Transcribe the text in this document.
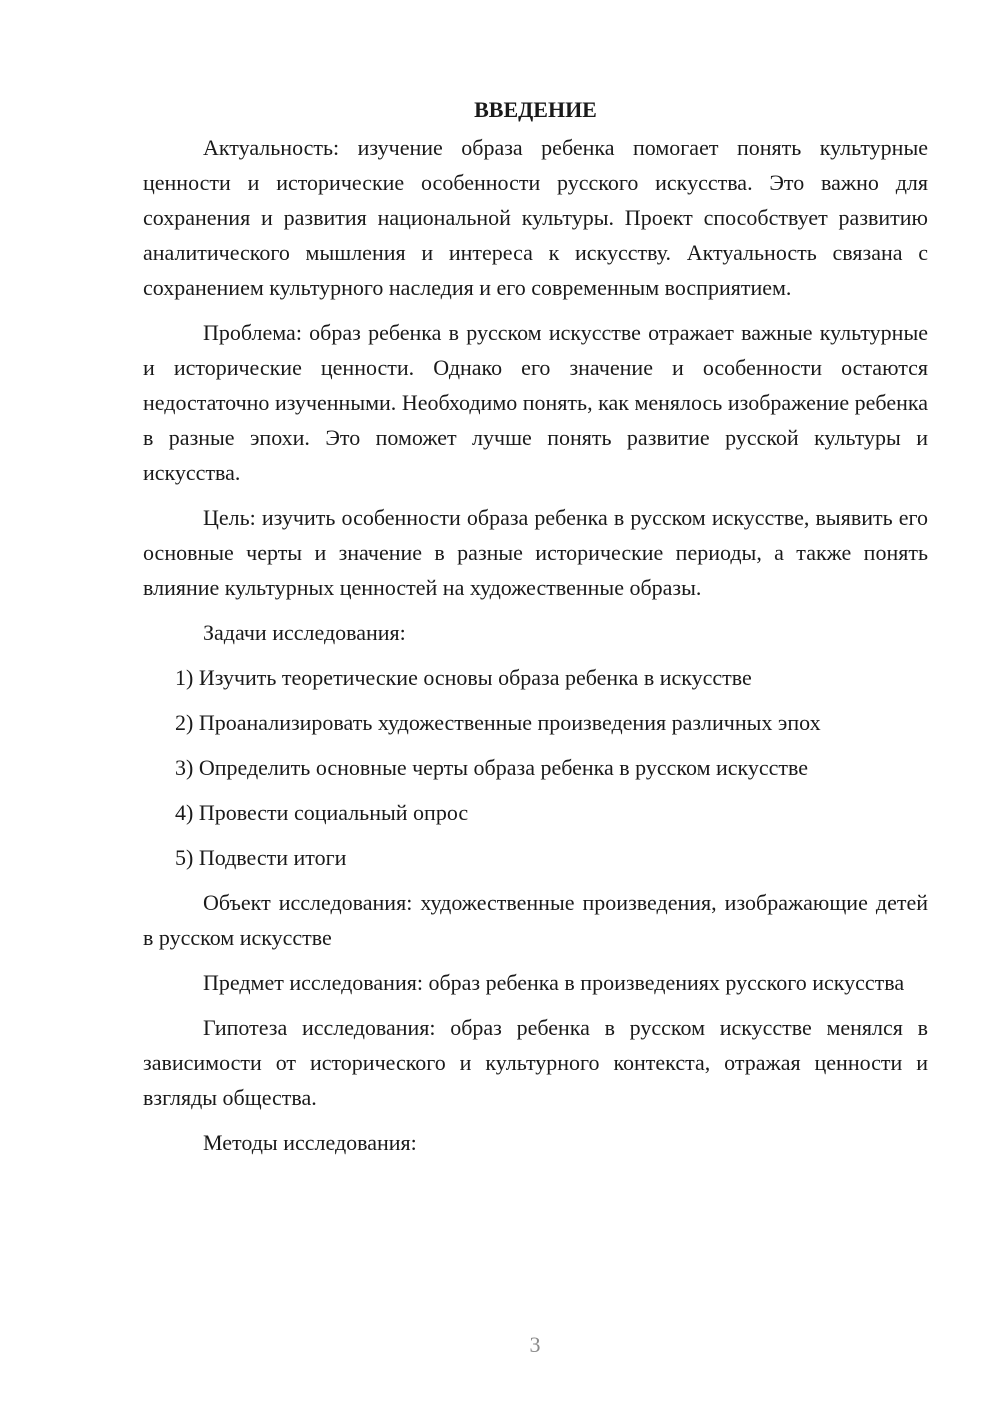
ВВЕДЕНИЕ

Актуальность: изучение образа ребенка помогает понять культурные ценности и исторические особенности русского искусства. Это важно для сохранения и развития национальной культуры. Проект способствует развитию аналитического мышления и интереса к искусству. Актуальность связана с сохранением культурного наследия и его современным восприятием.

Проблема: образ ребенка в русском искусстве отражает важные культурные и исторические ценности. Однако его значение и особенности остаются недостаточно изученными. Необходимо понять, как менялось изображение ребенка в разные эпохи. Это поможет лучше понять развитие русской культуры и искусства.

Цель: изучить особенности образа ребенка в русском искусстве, выявить его основные черты и значение в разные исторические периоды, а также понять влияние культурных ценностей на художественные образы.

Задачи исследования:

1) Изучить теоретические основы образа ребенка в искусстве
2) Проанализировать художественные произведения различных эпох
3) Определить основные черты образа ребенка в русском искусстве
4) Провести социальный опрос
5) Подвести итоги

Объект исследования: художественные произведения, изображающие детей в русском искусстве

Предмет исследования: образ ребенка в произведениях русского искусства

Гипотеза исследования: образ ребенка в русском искусстве менялся в зависимости от исторического и культурного контекста, отражая ценности и взгляды общества.

Методы исследования:

3
